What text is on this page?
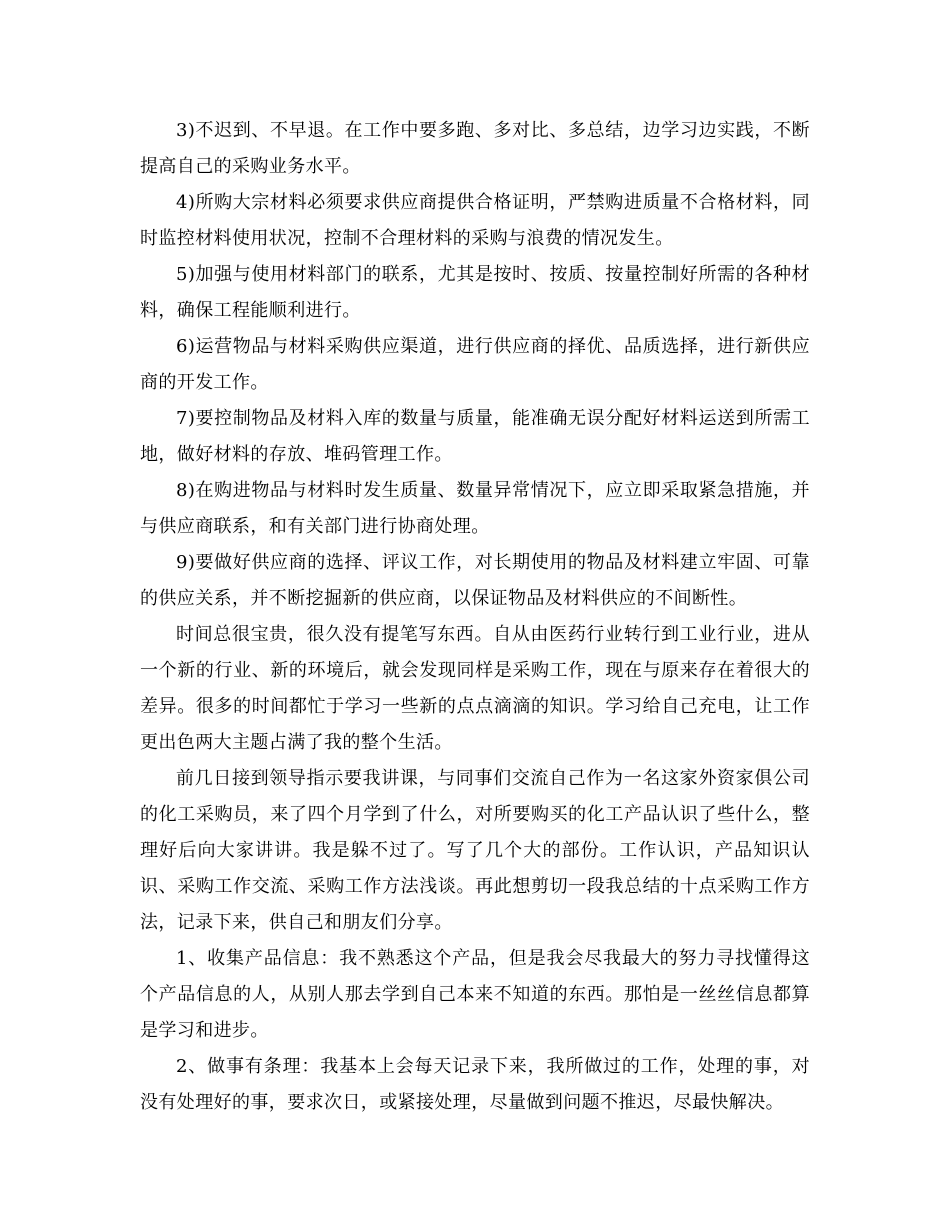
3)不迟到、不早退。在工作中要多跑、多对比、多总结，边学习边实践，不断提高自己的采购业务水平。

4)所购大宗材料必须要求供应商提供合格证明，严禁购进质量不合格材料，同时监控材料使用状况，控制不合理材料的采购与浪费的情况发生。

5)加强与使用材料部门的联系，尤其是按时、按质、按量控制好所需的各种材料，确保工程能顺利进行。

6)运营物品与材料采购供应渠道，进行供应商的择优、品质选择，进行新供应商的开发工作。

7)要控制物品及材料入库的数量与质量，能准确无误分配好材料运送到所需工地，做好材料的存放、堆码管理工作。

8)在购进物品与材料时发生质量、数量异常情况下，应立即采取紧急措施，并与供应商联系，和有关部门进行协商处理。

9)要做好供应商的选择、评议工作，对长期使用的物品及材料建立牢固、可靠的供应关系，并不断挖掘新的供应商，以保证物品及材料供应的不间断性。

时间总很宝贵，很久没有提笔写东西。自从由医药行业转行到工业行业，进从一个新的行业、新的环境后，就会发现同样是采购工作，现在与原来存在着很大的差异。很多的时间都忙于学习一些新的点点滴滴的知识。学习给自己充电，让工作更出色两大主题占满了我的整个生活。

前几日接到领导指示要我讲课，与同事们交流自己作为一名这家外资家俱公司的化工采购员，来了四个月学到了什么，对所要购买的化工产品认识了些什么，整理好后向大家讲讲。我是躲不过了。写了几个大的部份。工作认识，产品知识认识、采购工作交流、采购工作方法浅谈。再此想剪切一段我总结的十点采购工作方法，记录下来，供自己和朋友们分享。

1、收集产品信息：我不熟悉这个产品，但是我会尽我最大的努力寻找懂得这个产品信息的人，从别人那去学到自己本来不知道的东西。那怕是一丝丝信息都算是学习和进步。

2、做事有条理：我基本上会每天记录下来，我所做过的工作，处理的事，对没有处理好的事，要求次日，或紧接处理，尽量做到问题不推迟，尽最快解决。
